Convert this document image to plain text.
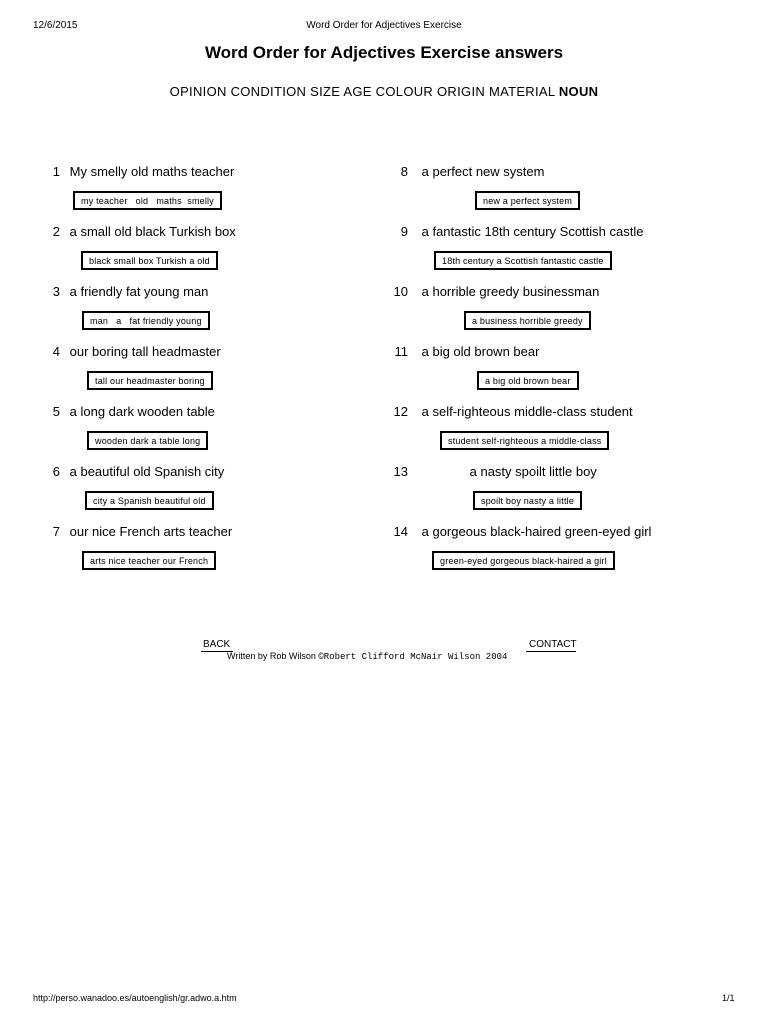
12/6/2015	Word Order for Adjectives Exercise
Word Order for Adjectives Exercise answers
OPINION CONDITION SIZE AGE COLOUR ORIGIN MATERIAL NOUN
1 My smelly old maths teacher
my teacher   old   maths  smelly
2 a small old black Turkish box
black small box Turkish a old
3 a friendly fat young man
man   a   fat friendly young
4 our boring tall headmaster
tall our headmaster boring
5 a long dark wooden table
wooden dark a table long
6 a beautiful old Spanish city
city a Spanish beautiful old
7 our nice French arts teacher
arts nice teacher our French
8 a perfect new system
new a perfect system
9 a fantastic 18th century Scottish castle
18th century a Scottish fantastic castle
10 a horrible greedy businessman
a business horrible greedy
11 a big old brown bear
a big old brown bear
12 a self-righteous middle-class student
student self-righteous a middle-class
13	a nasty spoilt little boy
spoilt boy nasty a little
14 a gorgeous black-haired green-eyed girl
green-eyed gorgeous black-haired a girl
BACK	CONTACT
Written by Rob Wilson ©Robert Clifford McNair Wilson 2004
http://perso.wanadoo.es/autoenglish/gr.adwo.a.htm	1/1
